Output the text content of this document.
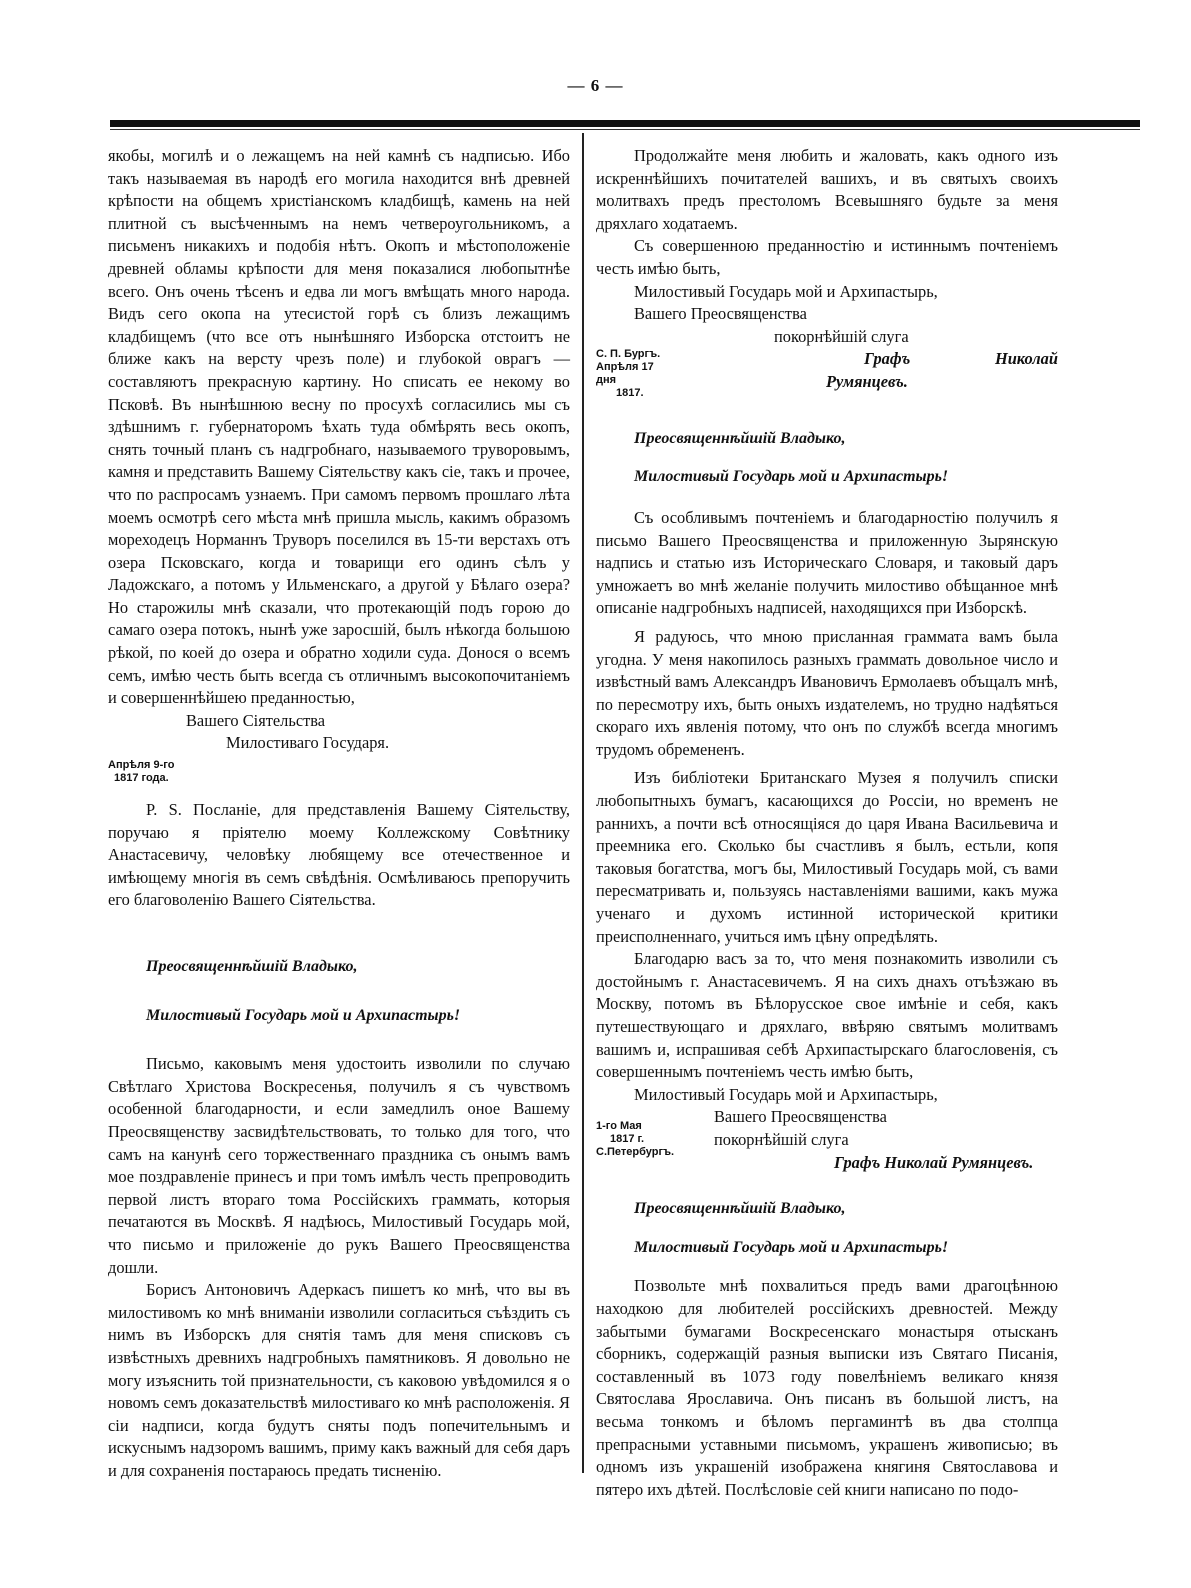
— 6 —

якобы, могилѣ и о лежащемъ на ней камнѣ съ надписью. Ибо такъ называемая въ народѣ его могила находится внѣ древней крѣпости на общемъ христіанскомъ кладбищѣ, камень на ней плитной съ высѣченнымъ на немъ четвероугольникомъ, а письменъ никакихъ и подобія нѣтъ. Окопъ и мѣстоположеніе древней обламы крѣпости для меня показалися любопытнѣе всего. Онъ очень тѣсенъ и едва ли могъ вмѣщать много народа. Видъ сего окопа на утесистой горѣ съ близъ лежащимъ кладбищемъ (что все отъ нынѣшняго Изборска отстоитъ не ближе какъ на версту чрезъ поле) и глубокой оврагъ — составляютъ прекрасную картину. Но списать ее некому во Псковѣ. Въ нынѣшнюю весну по просухѣ согласились мы съ здѣшнимъ г. губернаторомъ ѣхать туда обмѣрять весь окопъ, снять точный планъ съ надгробнаго, называемого труворовымъ, камня и представить Вашему Сіятельству какъ сіе, такъ и прочее, что по распросамъ узнаемъ. При самомъ первомъ прошлаго лѣта моемъ осмотрѣ сего мѣста мнѣ пришла мысль, какимъ образомъ мореходецъ Норманнъ Труворъ поселился въ 15-ти верстахъ отъ озера Псковскаго, когда и товарищи его одинъ сѣлъ у Ладожскаго, а потомъ у Ильменскаго, а другой у Бѣлаго озера? Но старожилы мнѣ сказали, что протекающій подъ горою до самаго озера потокъ, нынѣ уже заросшій, былъ нѣкогда большою рѣкой, по коей до озера и обратно ходили суда. Донося о всемъ семъ, имѣю честь быть всегда съ отличнымъ высокопочитаніемъ и совершеннѣйшею преданностью,

Вашего Сіятельства

Милостиваго Государя.

Апрѣля 9-го
1817 года.

P. S. Посланіе, для представленія Вашему Сіятельству, поручаю я пріятелю моему Коллежскому Совѣтнику Анастасевичу, человѣку любящему все отечественное и имѣющему многія въ семъ свѣдѣнія. Осмѣливаюсь препоручить его благоволенію Вашего Сіятельства.

Преосвященнѣйшій Владыко,

Милостивый Государь мой и Архипастырь!

Письмо, каковымъ меня удостоить изволили по случаю Свѣтлаго Христова Воскресенья, получилъ я съ чувствомъ особенной благодарности, и если замедлилъ оное Вашему Преосвященству засвидѣтельствовать, то только для того, что самъ на канунѣ сего торжественнаго праздника съ онымъ вамъ мое поздравленіе принесъ и при томъ имѣлъ честь препроводить первой листъ втораго тома Россійскихъ граммать, которыя печатаются въ Москвѣ. Я надѣюсь, Милостивый Государь мой, что письмо и приложеніе до рукъ Вашего Преосвященства дошли.

Борисъ Антоновичъ Адеркасъ пишетъ ко мнѣ, что вы въ милостивомъ ко мнѣ вниманіи изволили согласиться съѣздить съ нимъ въ Изборскъ для снятія тамъ для меня списковъ съ извѣстныхъ древнихъ надгробныхъ памятниковъ. Я довольно не могу изъяснить той признательности, съ каковою увѣдомился я о новомъ семъ доказательствѣ милостиваго ко мнѣ расположенія. Я сіи надписи, когда будутъ сняты подъ попечительнымъ и искуснымъ надзоромъ вашимъ, приму какъ важный для себя даръ и для сохраненія постараюсь предать тисненію.

Продолжайте меня любить и жаловать, какъ одного изъ искреннѣйшихъ почитателей вашихъ, и въ святыхъ своихъ молитвахъ предъ престоломъ Всевышняго будьте за меня дряхлаго ходатаемъ.

Съ совершенною преданностію и истиннымъ почтеніемъ честь имѣю быть,

Милостивый Государь мой и Архипастырь,

Вашего Преосвященства

С. П. Бургъ.
Апрѣля 17 дня
1817.

покорнѣйшій слуга

Графъ Николай Румянцевъ.

Преосвященнѣйшій Владыко,

Милостивый Государь мой и Архипастырь!

Съ особливымъ почтеніемъ и благодарностію получилъ я письмо Вашего Преосвященства и приложенную Зырянскую надпись и статью изъ Историческаго Словаря, и таковый даръ умножаетъ во мнѣ желаніе получить милостиво обѣщанное мнѣ описаніе надгробныхъ надписей, находящихся при Изборскѣ.

Я радуюсь, что мною присланная граммата вамъ была угодна. У меня накопилось разныхъ граммать довольное число и извѣстный вамъ Александръ Ивановичъ Ермолаевъ объщалъ мнѣ, по пересмотру ихъ, быть оныхъ издателемъ, но трудно надѣяться скораго ихъ явленія потому, что онъ по службѣ всегда многимъ трудомъ обремененъ.

Изъ библіотеки Британскаго Музея я получилъ списки любопытныхъ бумагъ, касающихся до Россіи, но временъ не раннихъ, а почти всѣ относящіяся до царя Ивана Васильевича и преемника его. Сколько бы счастливъ я былъ, естьли, копя таковыя богатства, могъ бы, Милостивый Государь мой, съ вами пересматривать и, пользуясь наставленіями вашими, какъ мужа ученаго и духомъ истинной исторической критики преисполненнаго, учиться имъ цѣну опредѣлять.

Благодарю васъ за то, что меня познакомить изволили съ достойнымъ г. Анастасевичемъ. Я на сихъ днахъ отъѣзжаю въ Москву, потомъ въ Бѣлорусское свое имѣніе и себя, какъ путешествующаго и дряхлаго, ввѣряю святымъ молитвамъ вашимъ и, испрашивая себѣ Архипастырскаго благословенія, съ совершеннымъ почтеніемъ честь имѣю быть,

Милостивый Государь мой и Архипастырь,

1-го Мая
1817 г.
С.Петербургъ.

Вашего Преосвященства

покорнѣйшій слуга

Графъ Николай Румянцевъ.

Преосвященнѣйшій Владыко,

Милостивый Государь мой и Архипастырь!

Позвольте мнѣ похвалиться предъ вами драгоцѣнною находкою для любителей россійскихъ древностей. Между забытыми бумагами Воскресенскаго монастыря отысканъ сборникъ, содержащій разныя выписки изъ Святаго Писанія, составленный въ 1073 году повелѣніемъ великаго князя Святослава Ярославича. Онъ писанъ въ большой листъ, на весьма тонкомъ и бѣломъ пергаминтѣ въ два столпца препрасными уставными письмомъ, украшенъ живописью; въ одномъ изъ украшеній изображена княгиня Святославова и пятеро ихъ дѣтей. Послѣсловіе сей книги написано по подо-
